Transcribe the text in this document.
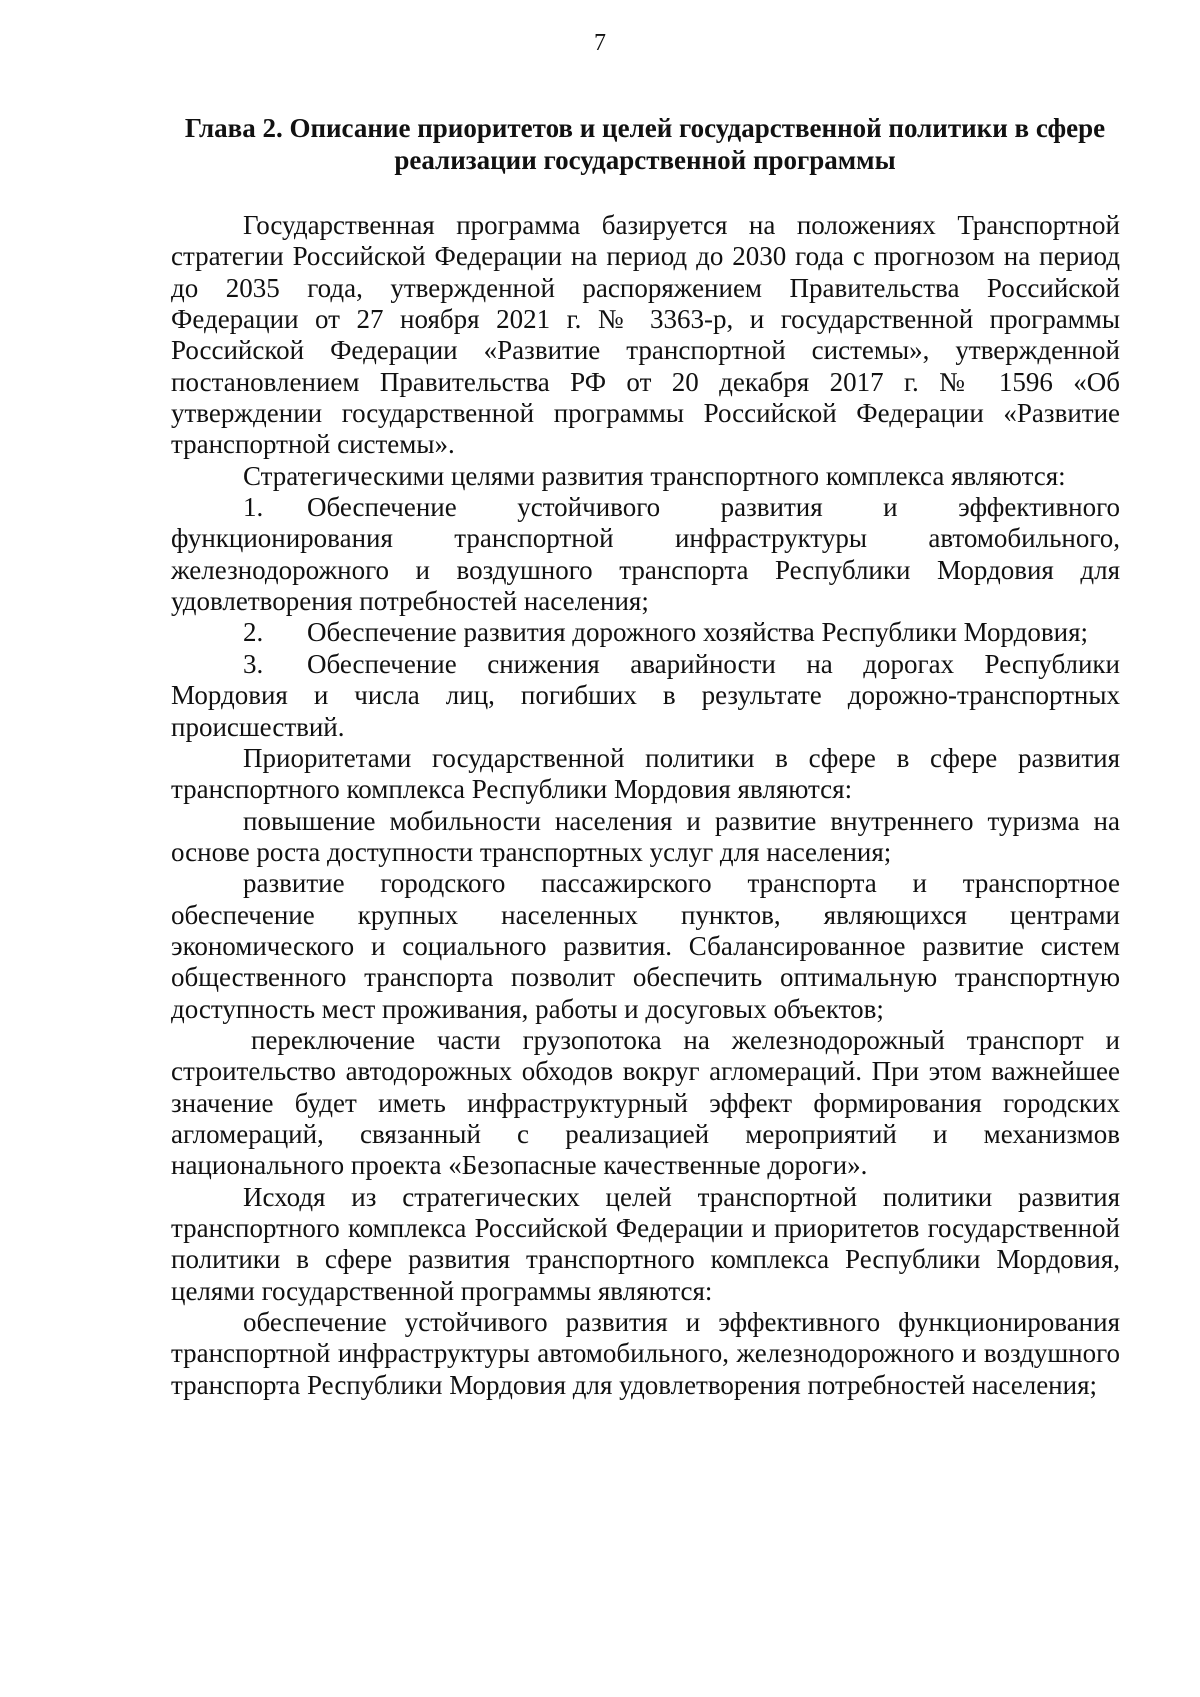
7
Глава 2. Описание приоритетов и целей государственной политики в сфере реализации государственной программы

Государственная программа базируется на положениях Транспортной стратегии Российской Федерации на период до 2030 года с прогнозом на период до 2035 года, утвержденной распоряжением Правительства Российской Федерации от 27 ноября 2021 г. № 3363-р, и государственной программы Российской Федерации «Развитие транспортной системы», утвержденной постановлением Правительства РФ от 20 декабря 2017 г. № 1596 «Об утверждении государственной программы Российской Федерации «Развитие транспортной системы».

Стратегическими целями развития транспортного комплекса являются:

1. Обеспечение устойчивого развития и эффективного функционирования транспортной инфраструктуры автомобильного, железнодорожного и воздушного транспорта Республики Мордовия для удовлетворения потребностей населения;

2. Обеспечение развития дорожного хозяйства Республики Мордовия;

3. Обеспечение снижения аварийности на дорогах Республики Мордовия и числа лиц, погибших в результате дорожно-транспортных происшествий.

Приоритетами государственной политики в сфере в сфере развития транспортного комплекса Республики Мордовия являются:

повышение мобильности населения и развитие внутреннего туризма на основе роста доступности транспортных услуг для населения;

развитие городского пассажирского транспорта и транспортное обеспечение крупных населенных пунктов, являющихся центрами экономического и социального развития. Сбалансированное развитие систем общественного транспорта позволит обеспечить оптимальную транспортную доступность мест проживания, работы и досуговых объектов;

переключение части грузопотока на железнодорожный транспорт и строительство автодорожных обходов вокруг агломераций. При этом важнейшее значение будет иметь инфраструктурный эффект формирования городских агломераций, связанный с реализацией мероприятий и механизмов национального проекта «Безопасные качественные дороги».

Исходя из стратегических целей транспортной политики развития транспортного комплекса Российской Федерации и приоритетов государственной политики в сфере развития транспортного комплекса Республики Мордовия, целями государственной программы являются:

обеспечение устойчивого развития и эффективного функционирования транспортной инфраструктуры автомобильного, железнодорожного и воздушного транспорта Республики Мордовия для удовлетворения потребностей населения;
